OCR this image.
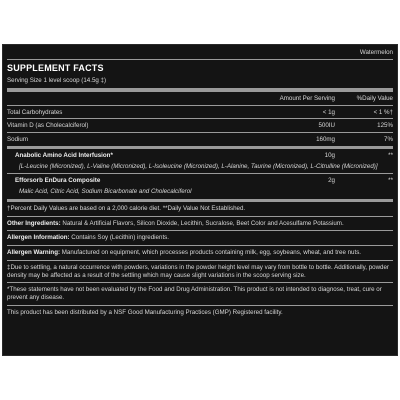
Watermelon
SUPPLEMENT FACTS
Serving Size 1 level scoop (14.5g ‡)
Amount Per Serving	%Daily Value
Total Carbohydrates	< 1g	< 1 %†
Vitamin D (as Cholecalciferol)	500IU	125%
Sodium	160mg	7%
Anabolic Amino Acid Interfusion*	10g	**
[L-Leucine (Micronized), L-Valine (Micronized), L-Isoleucine (Micronized), L-Alanine, Taurine (Micronized), L-Citrulline (Micronized)]
Efforsorb EnDura Composite	2g	**
Malic Acid, Citric Acid, Sodium Bicarbonate and Cholecalciferol
†Percent Daily Values are based on a 2,000 calorie diet. **Daily Value Not Established.
Other Ingredients: Natural & Artificial Flavors, Silicon Dioxide, Lecithin, Sucralose, Beet Color and Acesulfame Potassium.
Allergen Information: Contains Soy (Lecithin) ingredients.
Allergen Warning: Manufactured on equipment, which processes products containing milk, egg, soybeans, wheat, and tree nuts.
‡Due to settling, a natural occurrence with powders, variations in the powder height level may vary from bottle to bottle. Additionally, powder density may be affected as a result of the settling which may cause slight variations in the scoop serving size.
*These statements have not been evaluated by the Food and Drug Administration. This product is not intended to diagnose, treat, cure or prevent any disease.
This product has been distributed by a NSF Good Manufacturing Practices (GMP) Registered facility.
